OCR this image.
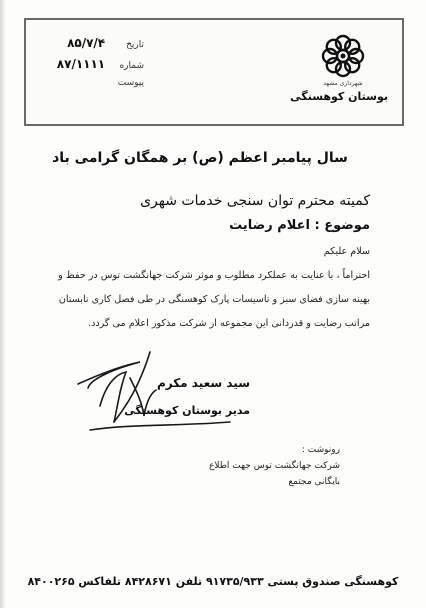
شهرداری مشهد
بوستان کوهسنگی
تاریخ ۸۵/۷/۴
شماره ۸۷/۱۱۱۱
پیوست
سال پیامبر اعظم (ص) بر همگان گرامی باد
کمیته محترم توان سنجی خدمات شهری
موضوع : اعلام رضایت

سلام علیکم

احتراماً ، با عنایت به عملکرد مطلوب و موثر شرکت جهانگشت توس در حفظ و

بهینه سازی فضای سبز و تاسیسات پارک کوهسنگی در طی فصل کاری تابستان

مراتب رضایت و قدردانی این مجموعه از شرکت مذکور اعلام می گردد.

سید سعید مکرم
مدیر بوستان کوهسنگی
رونوشت :
شرکت جهانگشت توس جهت اطلاع
بایگانی مجتمع
کوهسنگی صندوق پستی ۹۱۷۳۵/۹۳۳ تلفن ۸۴۲۸۶۷۱ تلفاکس ۸۴۰۰۲۶۵
